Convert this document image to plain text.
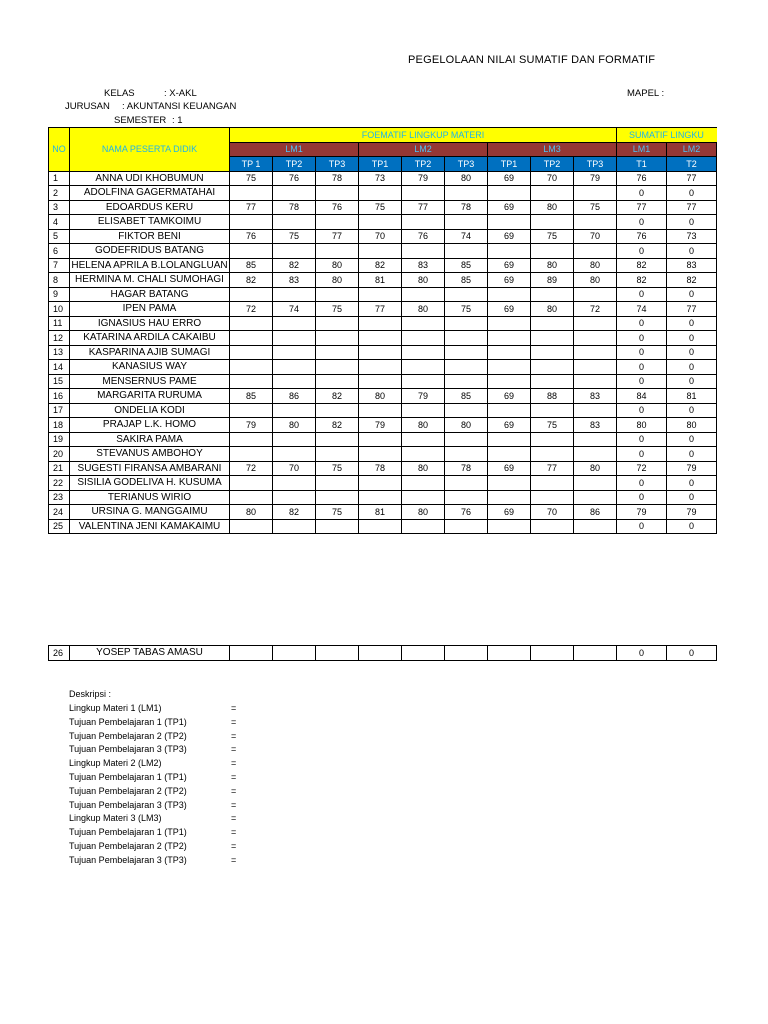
PEGELOLAAN NILAI SUMATIF DAN FORMATIF
KELAS	: X-AKL
JURUSAN : AKUNTANSI KEUANGAN
SEMESTER : 1
MAPEL :
NO	NAMA PESERTA DIDIK	FOEMATIF LINGKUP MATERI									SUMATIF LINGKU	
		LM1			LM2			LM3			LM1	LM2
		TP 1	TP2	TP3	TP1	TP2	TP3	TP1	TP2	TP3	T1	T2
1	ANNA UDI KHOBUMUN	75	76	78	73	79	80	69	70	79	76	77
2	ADOLFINA GAGERMATAHAI										0	0
3	EDOARDUS KERU	77	78	76	75	77	78	69	80	75	77	77
4	ELISABET TAMKOIMU										0	0
5	FIKTOR BENI	76	75	77	70	76	74	69	75	70	76	73
6	GODEFRIDUS BATANG										0	0
7	HELENA APRILA B.LOLANGLUAN	85	82	80	82	83	85	69	80	80	82	83
8	HERMINA M. CHALI SUMOHAGI	82	83	80	81	80	85	69	89	80	82	82
9	HAGAR BATANG										0	0
10	IPEN PAMA	72	74	75	77	80	75	69	80	72	74	77
11	IGNASIUS HAU ERRO										0	0
12	KATARINA ARDILA CAKAIBU										0	0
13	KASPARINA AJIB SUMAGI										0	0
14	KANASIUS WAY										0	0
15	MENSERNUS PAME										0	0
16	MARGARITA RURUMA	85	86	82	80	79	85	69	88	83	84	81
17	ONDELIA KODI										0	0
18	PRAJAP L.K. HOMO	79	80	82	79	80	80	69	75	83	80	80
19	SAKIRA PAMA										0	0
20	STEVANUS AMBOHOY										0	0
21	SUGESTI FIRANSA AMBARANI	72	70	75	78	80	78	69	77	80	72	79
22	SISILIA GODELIVA H. KUSUMA										0	0
23	TERIANUS WIRIO										0	0
24	URSINA G. MANGGAIMU	80	82	75	81	80	76	69	70	86	79	79
25	VALENTINA JENI KAMAKAIMU										0	0
26	YOSEP TABAS AMASU										0	0
Deskripsi :
Lingkup Materi 1 (LM1)	=
Tujuan Pembelajaran 1 (TP1)	=
Tujuan Pembelajaran 2 (TP2)	=
Tujuan Pembelajaran 3 (TP3)	=
Lingkup Materi 2 (LM2)	=
Tujuan Pembelajaran 1 (TP1)	=
Tujuan Pembelajaran 2 (TP2)	=
Tujuan Pembelajaran 3 (TP3)	=
Lingkup Materi 3 (LM3)	=
Tujuan Pembelajaran 1 (TP1)	=
Tujuan Pembelajaran 2 (TP2)	=
Tujuan Pembelajaran 3 (TP3)	=
